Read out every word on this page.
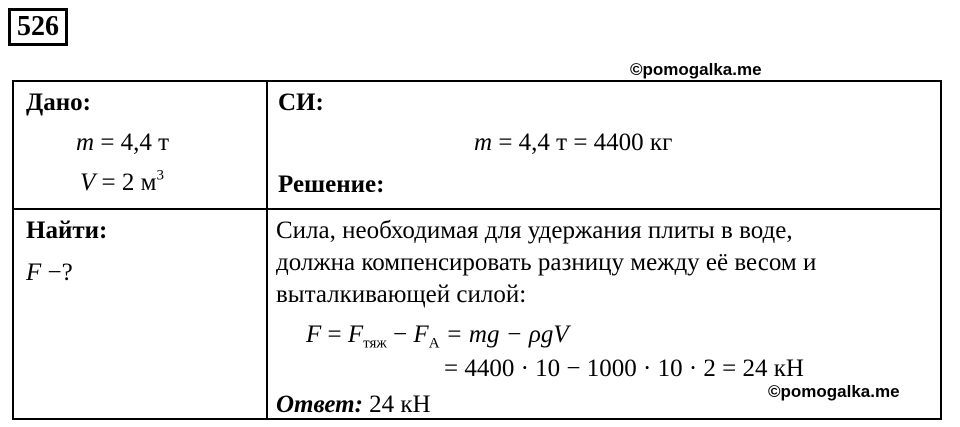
526
©pomogalka.me
Дано:
m = 4,4 т
V = 2 $м^3$
Найти:
F −?
СИ:
m = 4,4 т = 4400 кг
Решение:
Сила, необходимая для удержания плиты в воде,
должна компенсировать разницу между её весом и
выталкивающей силой:
$F = F_{тяж} - F_A$ = mg − ρgV
= 4400 · 10 − 1000 · 10 · 2 = 24 кН
Ответ: 24 кН	©pomogalka.me
